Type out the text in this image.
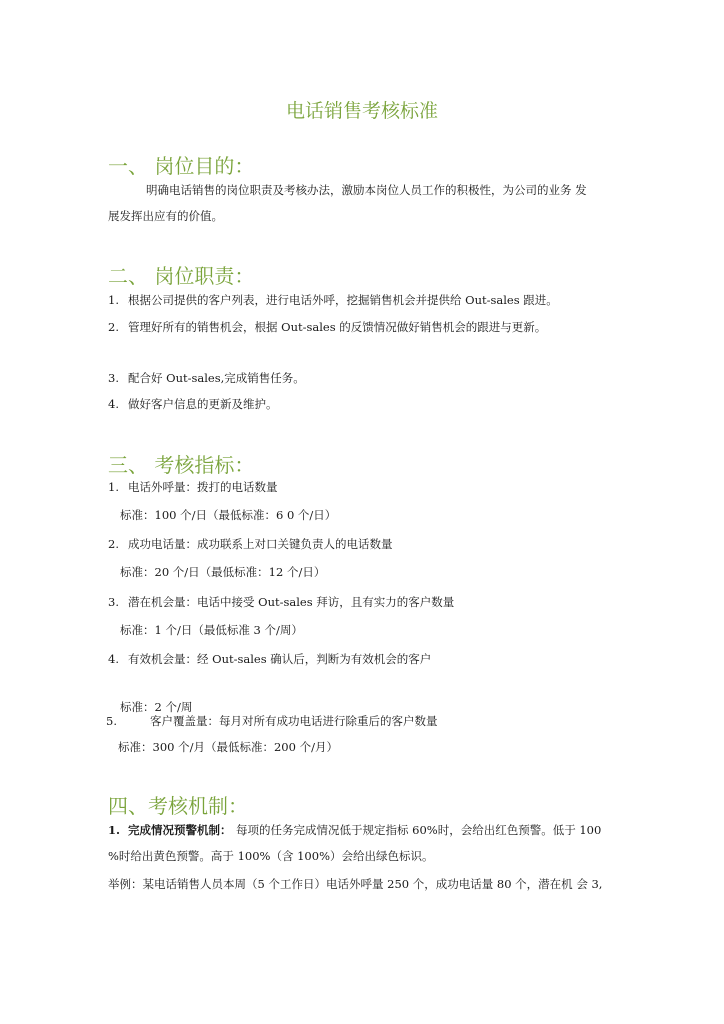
电话销售考核标准
一、 岗位目的：
明确电话销售的岗位职责及考核办法，激励本岗位人员工作的积极性，为公司的业务 发
展发挥出应有的价值。
二、 岗位职责：
1. 根据公司提供的客户列表，进行电话外呼，挖掘销售机会并提供给 Out-sales 跟进。
2. 管理好所有的销售机会，根据 Out-sales 的反馈情况做好销售机会的跟进与更新。
3. 配合好 Out-sales,完成销售任务。
4. 做好客户信息的更新及维护。
三、 考核指标：
1. 电话外呼量：拨打的电话数量
标准：100 个/日（最低标准：6 0 个/日）
2. 成功电话量：成功联系上对口关键负责人的电话数量
标准：20 个/日（最低标准：12 个/日）
3. 潜在机会量：电话中接受 Out-sales 拜访，且有实力的客户数量
标准：1 个/日（最低标准 3 个/周）
4. 有效机会量：经 Out-sales 确认后，判断为有效机会的客户
标准：2 个/周
5.	客户覆盖量：每月对所有成功电话进行除重后的客户数量
标准：300 个/月（最低标准：200 个/月）
四、考核机制：
1. 完成情况预警机制： 每项的任务完成情况低于规定指标 60%时，会给出红色预警。低于 100
%时给出黄色预警。高于 100%（含 100%）会给出绿色标识。
举例：某电话销售人员本周（5 个工作日）电话外呼量 250 个，成功电话量 80 个，潜在机 会 3,
